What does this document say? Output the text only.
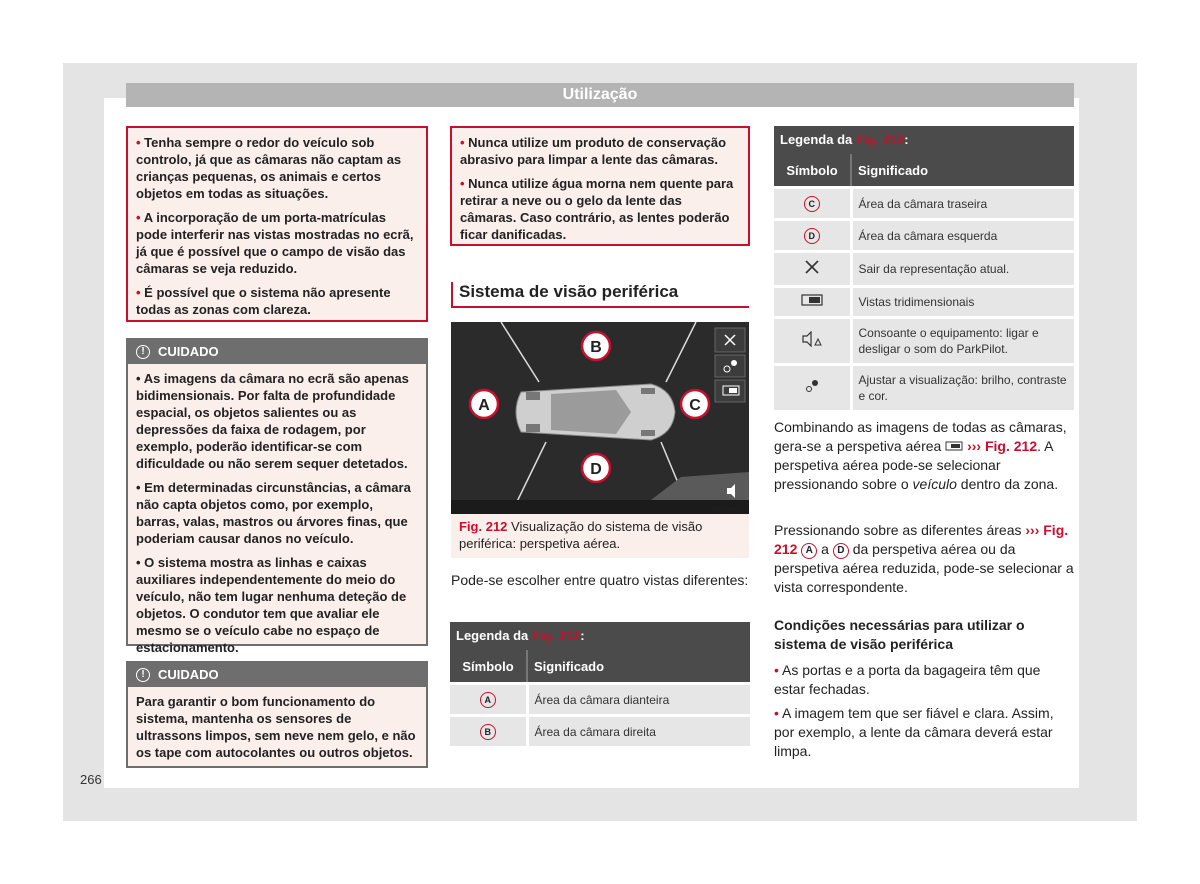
Utilização
• Tenha sempre o redor do veículo sob controlo, já que as câmaras não captam as crianças pequenas, os animais e certos objetos em todas as situações.
• A incorporação de um porta-matrículas pode interferir nas vistas mostradas no ecrã, já que é possível que o campo de visão das câmaras se veja reduzido.
• É possível que o sistema não apresente todas as zonas com clareza.
!	CUIDADO
• As imagens da câmara no ecrã são apenas bidimensionais. Por falta de profundidade espacial, os objetos salientes ou as depressões da faixa de rodagem, por exemplo, poderão identificar-se com dificuldade ou não serem sequer detetados.
• Em determinadas circunstâncias, a câmara não capta objetos como, por exemplo, barras, valas, mastros ou árvores finas, que poderiam causar danos no veículo.
• O sistema mostra as linhas e caixas auxiliares independentemente do meio do veículo, não tem lugar nenhuma deteção de objetos. O condutor tem que avaliar ele mesmo se o veículo cabe no espaço de estacionamento.
!	CUIDADO
Para garantir o bom funcionamento do sistema, mantenha os sensores de ultrassons limpos, sem neve nem gelo, e não os tape com autocolantes ou outros objetos.
• Nunca utilize um produto de conservação abrasivo para limpar a lente das câmaras.
• Nunca utilize água morna nem quente para retirar a neve ou o gelo da lente das câmaras. Caso contrário, as lentes poderão ficar danificadas.
Sistema de visão periférica
A
B
C
D
B57-0087
Fig. 212 Visualização do sistema de visão periférica: perspetiva aérea.
Pode-se escolher entre quatro vistas diferentes:
Legenda da Fig. 212:	
Símbolo	Significado
A	Área da câmara dianteira
B	Área da câmara direita
Legenda da Fig. 212:	
Símbolo	Significado
C	Área da câmara traseira
D	Área da câmara esquerda
	Sair da representação atual.
	Vistas tridimensionais
	Consoante o equipamento: ligar e desligar o som do ParkPilot.
	Ajustar a visualização: brilho, contraste e cor.
Combinando as imagens de todas as câmaras, gera-se a perspetiva aérea ››› Fig. 212. A perspetiva aérea pode-se selecionar pressionando sobre o veículo dentro da zona.
Pressionando sobre as diferentes áreas ››› Fig. 212 A a D da perspetiva aérea ou da perspetiva aérea reduzida, pode-se selecionar a vista correspondente.
Condições necessárias para utilizar o sistema de visão periférica
• As portas e a porta da bagageira têm que estar fechadas.
• A imagem tem que ser fiável e clara. Assim, por exemplo, a lente da câmara deverá estar limpa.
266
